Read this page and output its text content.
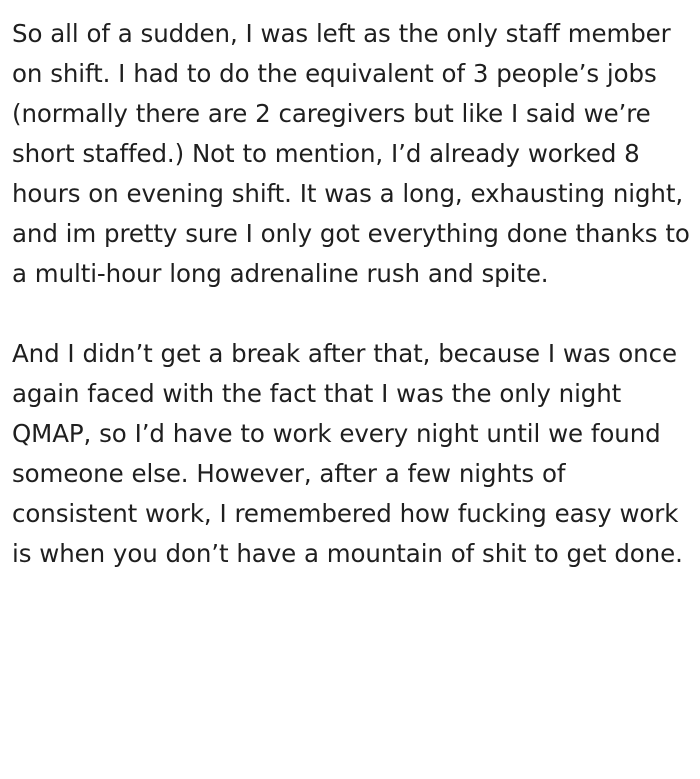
So all of a sudden, I was left as the only staff member on shift. I had to do the equivalent of 3 people’s jobs (normally there are 2 caregivers but like I said we’re short staffed.) Not to mention, I’d already worked 8 hours on evening shift. It was a long, exhausting night, and im pretty sure I only got everything done thanks to a multi-hour long adrenaline rush and spite.

And I didn’t get a break after that, because I was once again faced with the fact that I was the only night QMAP, so I’d have to work every night until we found someone else. However, after a few nights of consistent work, I remembered how fucking easy work is when you don’t have a mountain of shit to get done.
